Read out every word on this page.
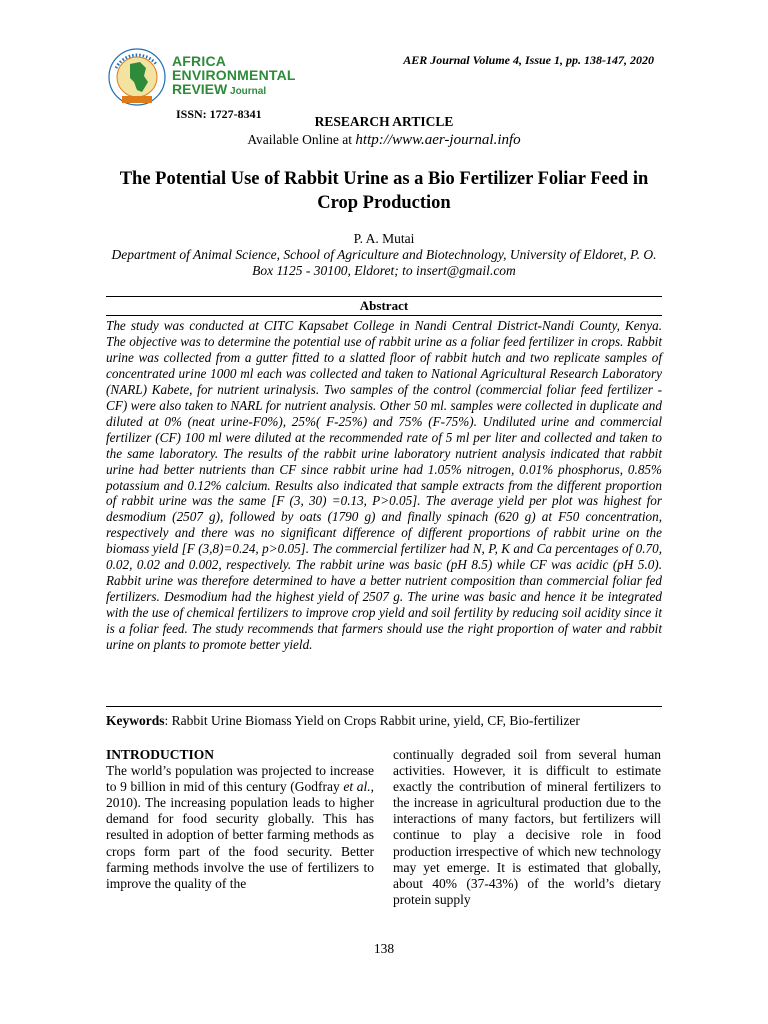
AFRICA
ENVIRONMENTAL
REVIEW Journal
ISSN: 1727-8341
AER Journal Volume 4, Issue 1, pp. 138-147, 2020
RESEARCH ARTICLE
Available Online at http://www.aer-journal.info
The Potential Use of Rabbit Urine as a Bio Fertilizer Foliar Feed in Crop Production
P. A. Mutai
Department of Animal Science, School of Agriculture and Biotechnology, University of Eldoret, P. O. Box 1125 - 30100, Eldoret; to insert@gmail.com
Abstract
The study was conducted at CITC Kapsabet College in Nandi Central District-Nandi County, Kenya. The objective was to determine the potential use of rabbit urine as a foliar feed fertilizer in crops. Rabbit urine was collected from a gutter fitted to a slatted floor of rabbit hutch and two replicate samples of concentrated urine 1000 ml each was collected and taken to National Agricultural Research Laboratory (NARL) Kabete, for nutrient urinalysis. Two samples of the control (commercial foliar feed fertilizer - CF) were also taken to NARL for nutrient analysis. Other 50 ml. samples were collected in duplicate and diluted at 0% (neat urine-F0%), 25%( F-25%) and 75% (F-75%). Undiluted urine and commercial fertilizer (CF) 100 ml were diluted at the recommended rate of 5 ml per liter and collected and taken to the same laboratory. The results of the rabbit urine laboratory nutrient analysis indicated that rabbit urine had better nutrients than CF since rabbit urine had 1.05% nitrogen, 0.01% phosphorus, 0.85% potassium and 0.12% calcium. Results also indicated that sample extracts from the different proportion of rabbit urine was the same [F (3, 30) =0.13, P>0.05]. The average yield per plot was highest for desmodium (2507 g), followed by oats (1790 g) and finally spinach (620 g) at F50 concentration, respectively and there was no significant difference of different proportions of rabbit urine on the biomass yield [F (3,8)=0.24, p>0.05]. The commercial fertilizer had N, P, K and Ca percentages of 0.70, 0.02, 0.02 and 0.002, respectively. The rabbit urine was basic (pH 8.5) while CF was acidic (pH 5.0). Rabbit urine was therefore determined to have a better nutrient composition than commercial foliar fed fertilizers. Desmodium had the highest yield of 2507 g. The urine was basic and hence it be integrated with the use of chemical fertilizers to improve crop yield and soil fertility by reducing soil acidity since it is a foliar feed. The study recommends that farmers should use the right proportion of water and rabbit urine on plants to promote better yield.
Keywords: Rabbit Urine Biomass Yield on Crops Rabbit urine, yield, CF, Bio-fertilizer
INTRODUCTION
The world’s population was projected to increase to 9 billion in mid of this century (Godfray et al., 2010). The increasing population leads to higher demand for food security globally. This has resulted in adoption of better farming methods as crops form part of the food security. Better farming methods involve the use of fertilizers to improve the quality of the
continually degraded soil from several human activities. However, it is difficult to estimate exactly the contribution of mineral fertilizers to the increase in agricultural production due to the interactions of many factors, but fertilizers will continue to play a decisive role in food production irrespective of which new technology may yet emerge. It is estimated that globally, about 40% (37-43%) of the world’s dietary protein supply
138
